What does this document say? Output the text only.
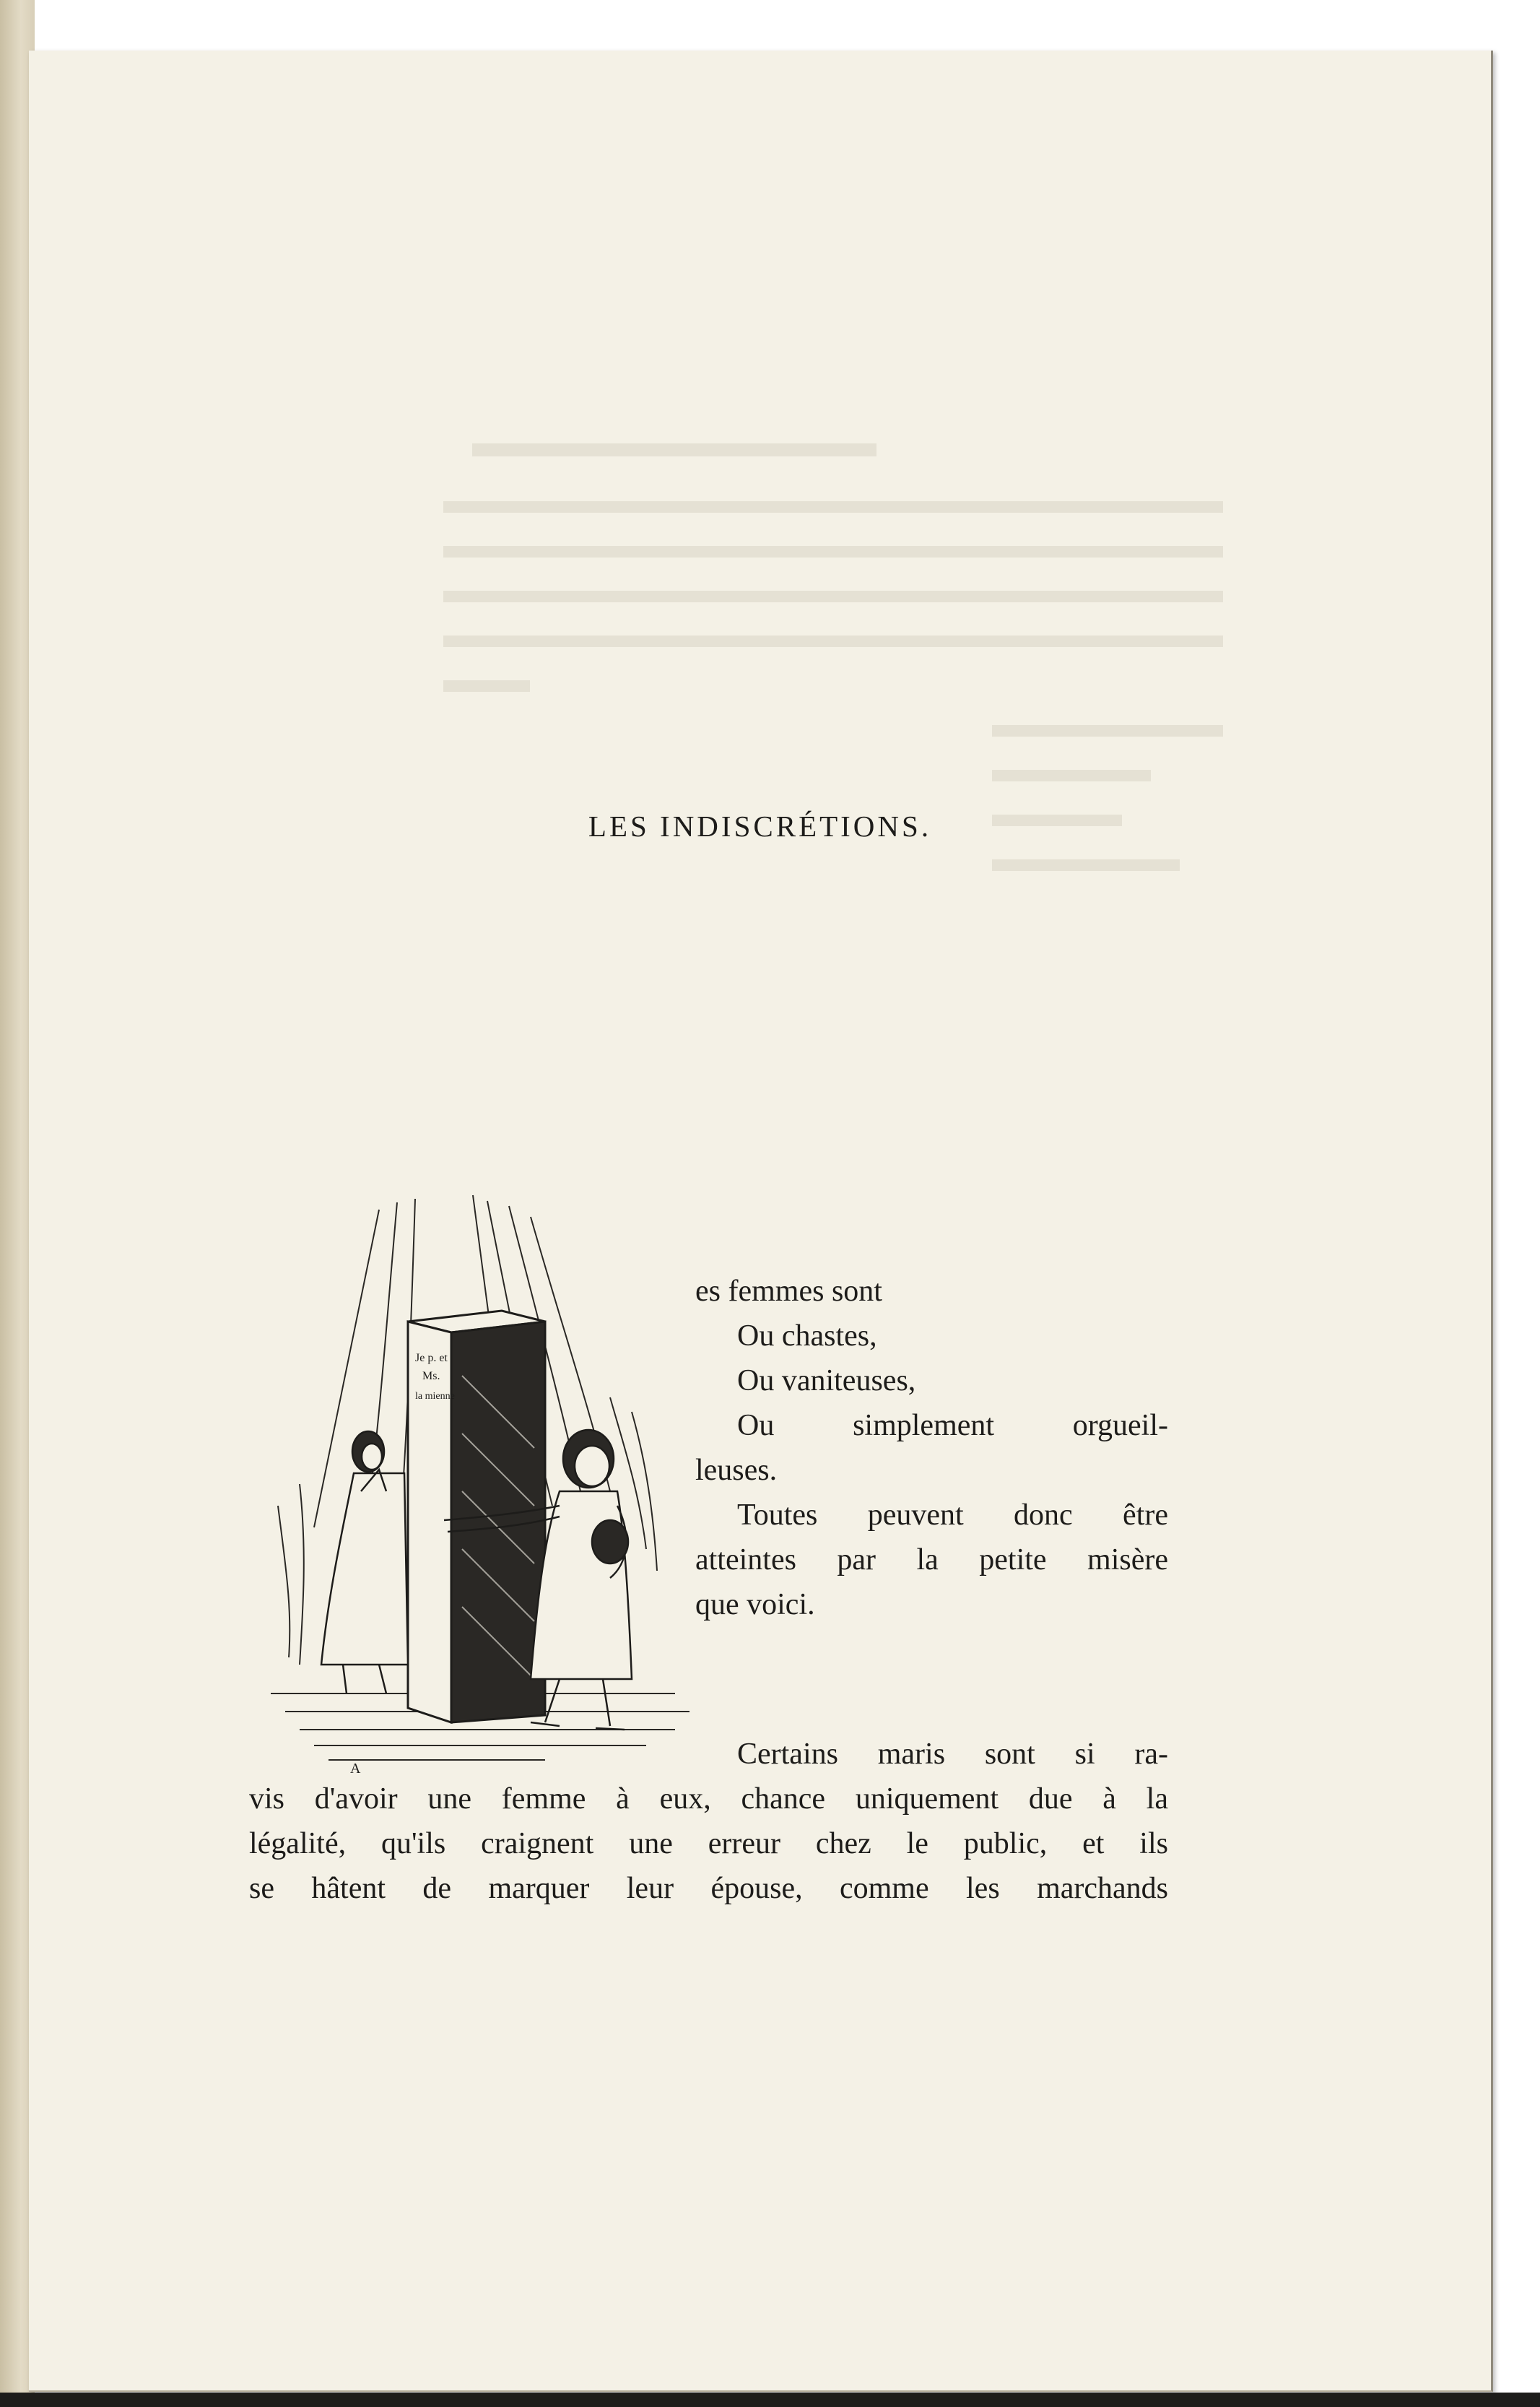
LES INDISCRÉTIONS.
Je p. et
Ms.
la mienne
A
es femmes sont
Ou chastes,
Ou vaniteuses,
Ou simplement orgueil-
leuses.
Toutes peuvent donc être
atteintes par la petite misère
que voici.
Certains maris sont si ra-
vis d'avoir une femme à eux, chance uniquement due à la
légalité, qu'ils craignent une erreur chez le public, et ils
se hâtent de marquer leur épouse, comme les marchands
